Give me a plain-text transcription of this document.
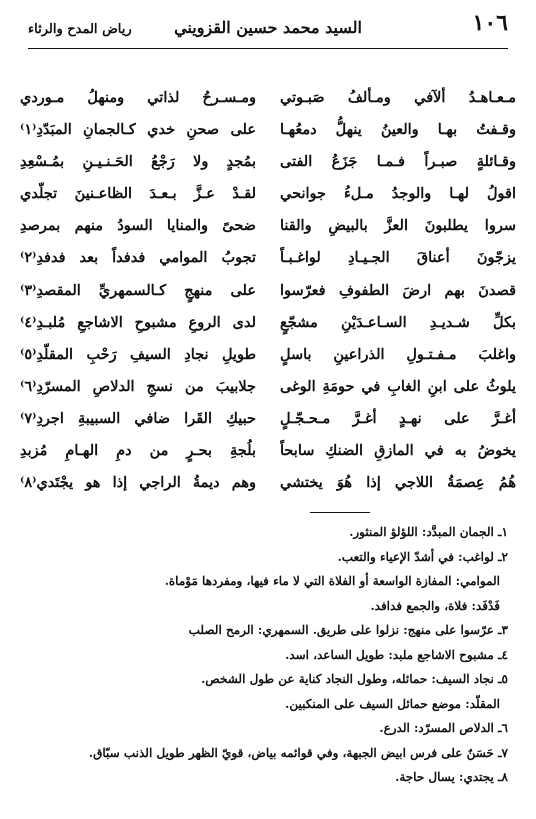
١٠٦
السيد محمد حسين القزويني
رياض المدح والرثاء
مـعـاهـدُ ألآفي ومـألفُ صَبـوتي
ومـسـرحُ لذاتي ومنهلُ مـوردي
وقـفتُ بهـا والعينُ ينهلُّ دمعُهـا
على صحنِ خدي كـالجمانِ المبَدّدِ⁽١⁾
وقـائلةٍ صبـراً فـمـا جَزَعُ الفتى
بمُجدٍ ولا رَجْعُ الحَـنـيـنِ بمُـسْعِدِ
اقولُ لهـا والوجدُ مـلءُ جوانحي
لقـدْ عـزَّ بـعـدَ الظاعـنينَ تجلّدي
سروا يطلبونَ العزَّ بالبيضِ والقنا
ضحىً والمنايا السودُ منهم بمرصدِ
يزجّونَ أعناقَ الجـيـادِ لواغـبـاً
تجوبُ الموامي فدفداً بعد فدفدِ⁽٢⁾
قصدنَ بهم ارضَ الطفوفِ فعرّسوا
على منهجٍ كـالسمهريِّ المقصدِ⁽٣⁾
بكلِّ شـديـدِ السـاعـدَيْنِ مشجّعٍ
لدى الروعِ مشبوحِ الاشاجعِ مُلبـدِ⁽٤⁾
واغلبَ مـفـتـولِ الذراعينِ باسلٍ
طويلِ نجادِ السيفِ رَحْبِ المقلّدِ⁽٥⁾
يلوثُ على ابنِ الغابِ في حومَةِ الوغى
جلابيبَ من نسجِ الدلاصِ المسرّدِ⁽٦⁾
أغـرَّ على نهـدٍ أغـرَّ مـحـجّـلٍ
حبيكِ القَرا ضافي السبيبةِ اجردِ⁽٧⁾
يخوضُ به في المازقِ الضنكِ سابحاً
بلُجةِ بحـرٍ من دمِ الهـامِ مُزبدِ
هُمُ عِصمَةُ اللاجي إذا هُوَ يختشي
وهم ديمةُ الراجي إذا هو يجْتَدي⁽٨⁾
١ـ الجمان المبدَّد: اللؤلؤ المنثور.
٢ـ لواغب: في أشدّ الإعياء والتعب.
الموامي: المفازة الواسعة أو الفلاة التي لا ماء فيها، ومفردها مَوْماة.
فَدْفَد: فلاة، والجمع فدافد.
٣ـ عرّسوا على منهج: نزلوا على طريق. السمهري: الرمح الصلب
٤ـ مشبوح الاشاجع ملبد: طويل الساعد، اسد.
٥ـ نجاد السيف: حمائله، وطول النجاد كناية عن طول الشخص.
المقلّد: موضع حمائل السيف على المنكبين.
٦ـ الدلاص المسرّد: الدرع.
٧ـ حَسَنٌ على فرس ابيض الجبهة، وفي قوائمه بياض، قويّ الظهر طويل الذنب سبّاق.
٨ـ يجتدي: يسال حاجة.
